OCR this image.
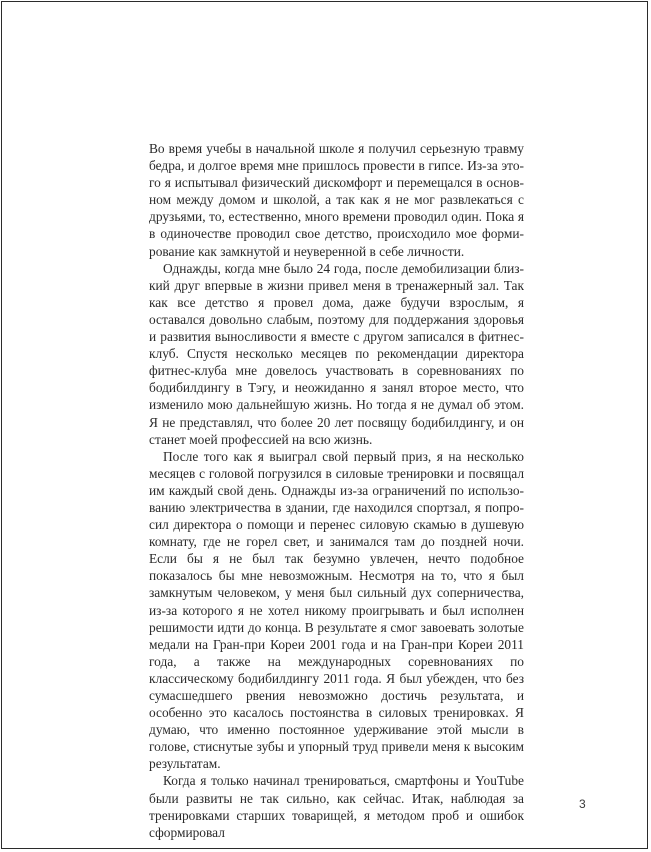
Во время учебы в начальной школе я получил серьезную травму бедра, и долгое время мне пришлось провести в гипсе. Из-за этого я испытывал физический дискомфорт и перемещался в основном между домом и школой, а так как я не мог развлекаться с друзьями, то, естественно, много времени проводил один. Пока я в одиночестве проводил свое детство, происходило мое формирование как замкнутой и неуверенной в себе личности.

Однажды, когда мне было 24 года, после демобилизации близкий друг впервые в жизни привел меня в тренажерный зал. Так как все детство я провел дома, даже будучи взрослым, я оставался довольно слабым, поэтому для поддержания здоровья и развития выносливости я вместе с другом записался в фитнес-клуб. Спустя несколько месяцев по рекомендации директора фитнес-клуба мне довелось участвовать в соревнованиях по бодибилдингу в Тэгу, и неожиданно я занял второе место, что изменило мою дальнейшую жизнь. Но тогда я не думал об этом. Я не представлял, что более 20 лет посвящу бодибилдингу, и он станет моей профессией на всю жизнь.

После того как я выиграл свой первый приз, я на несколько месяцев с головой погрузился в силовые тренировки и посвящал им каждый свой день. Однажды из-за ограничений по использованию электричества в здании, где находился спортзал, я попросил директора о помощи и перенес силовую скамью в душевую комнату, где не горел свет, и занимался там до поздней ночи. Если бы я не был так безумно увлечен, нечто подобное показалось бы мне невозможным. Несмотря на то, что я был замкнутым человеком, у меня был сильный дух соперничества, из-за которого я не хотел никому проигрывать и был исполнен решимости идти до конца. В результате я смог завоевать золотые медали на Гран-при Кореи 2001 года и на Гран-при Кореи 2011 года, а также на международных соревнованиях по классическому бодибилдингу 2011 года. Я был убежден, что без сумасшедшего рвения невозможно достичь результата, и особенно это касалось постоянства в силовых тренировках. Я думаю, что именно постоянное удерживание этой мысли в голове, стиснутые зубы и упорный труд привели меня к высоким результатам.

Когда я только начинал тренироваться, смартфоны и YouTube были развиты не так сильно, как сейчас. Итак, наблюдая за тренировками старших товарищей, я методом проб и ошибок сформировал

3
